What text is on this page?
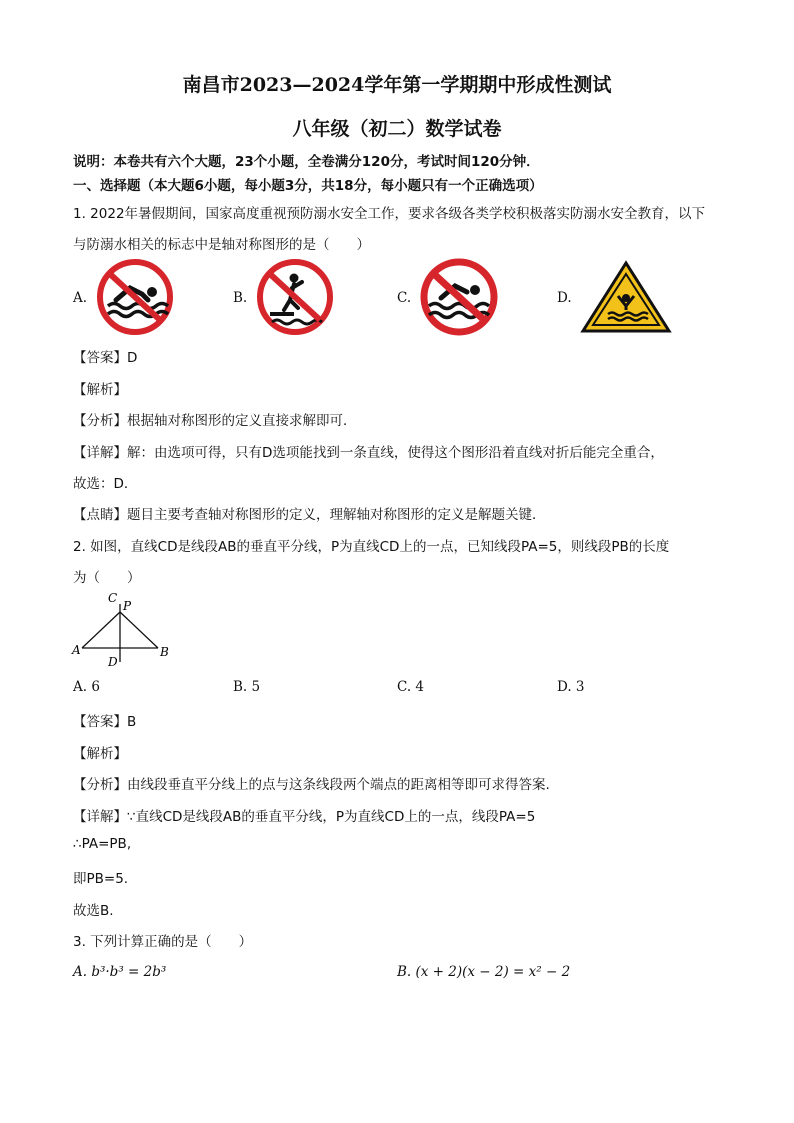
南昌市2023—2024学年第一学期期中形成性测试
八年级（初二）数学试卷
说明：本卷共有六个大题，23个小题，全卷满分120分，考试时间120分钟．
一、选择题（本大题6小题，每小题3分，共18分，每小题只有一个正确选项）
1. 2022年暑假期间，国家高度重视预防溺水安全工作，要求各级各类学校积极落实防溺水安全教育，以下
与防溺水相关的标志中是轴对称图形的是（　　）
A.	B.	C.	D.
【答案】D
【解析】
【分析】根据轴对称图形的定义直接求解即可．
【详解】解：由选项可得，只有D选项能找到一条直线，使得这个图形沿着直线对折后能完全重合，
故选：D．
【点睛】题目主要考查轴对称图形的定义，理解轴对称图形的定义是解题关键．
2. 如图，直线CD是线段AB的垂直平分线，P为直线CD上的一点，已知线段PA=5，则线段PB的长度
为（　　）
C
P
A	B
D
A. 6	B. 5	C. 4	D. 3
【答案】B
【解析】
【分析】由线段垂直平分线上的点与这条线段两个端点的距离相等即可求得答案.
【详解】∵直线CD是线段AB的垂直平分线，P为直线CD上的一点，线段PA=5
∴PA=PB,
即PB=5.
故选B.
3. 下列计算正确的是（　　）
A. b³·b³ = 2b³	B. (x + 2)(x − 2) = x² − 2
